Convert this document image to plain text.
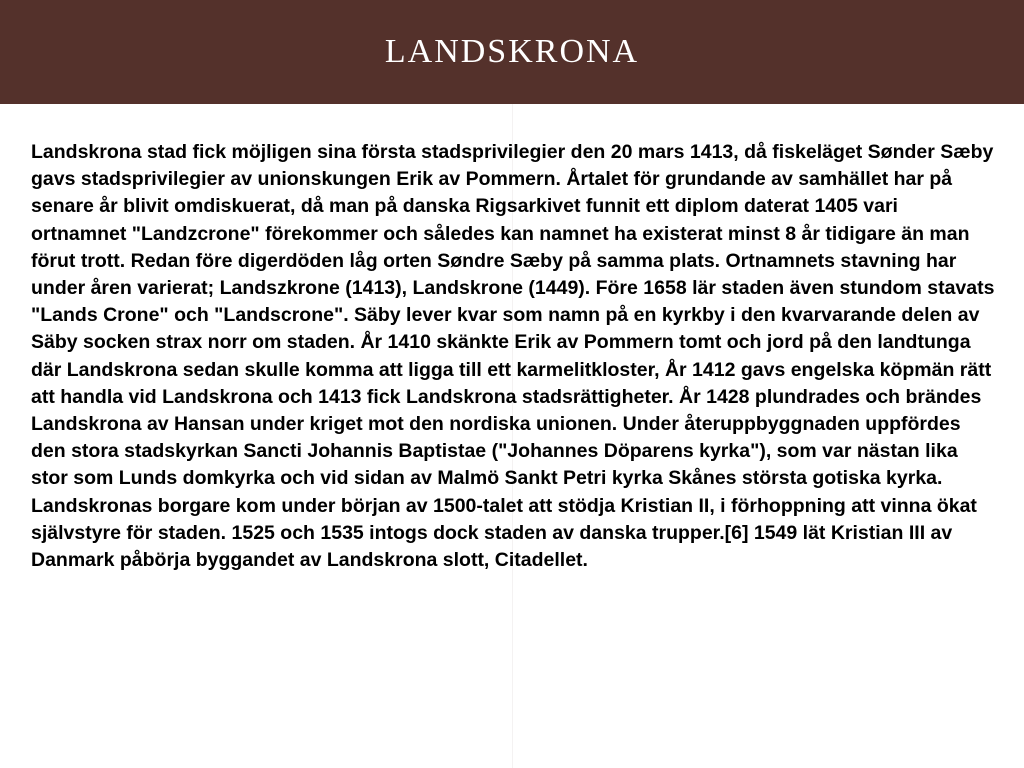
LANDSKRONA

Landskrona stad fick möjligen sina första stadsprivilegier den 20 mars 1413, då fiskeläget Sønder Sæby gavs stadsprivilegier av unionskungen Erik av Pommern. Årtalet för grundande av samhället har på senare år blivit omdiskuerat, då man på danska Rigsarkivet funnit ett diplom daterat 1405 vari ortnamnet "Landzcrone" förekommer och således kan namnet ha existerat minst 8 år tidigare än man förut trott. Redan före digerdöden låg orten Søndre Sæby på samma plats. Ortnamnets stavning har under åren varierat; Landszkrone (1413), Landskrone (1449). Före 1658 lär staden även stundom stavats "Lands Crone" och "Landscrone". Säby lever kvar som namn på en kyrkby i den kvarvarande delen av Säby socken strax norr om staden. År 1410 skänkte Erik av Pommern tomt och jord på den landtunga där Landskrona sedan skulle komma att ligga till ett karmelitkloster, År 1412 gavs engelska köpmän rätt att handla vid Landskrona och 1413 fick Landskrona stadsrättigheter. År 1428 plundrades och brändes Landskrona av Hansan under kriget mot den nordiska unionen. Under återuppbyggnaden uppfördes den stora stadskyrkan Sancti Johannis Baptistae ("Johannes Döparens kyrka"), som var nästan lika stor som Lunds domkyrka och vid sidan av Malmö Sankt Petri kyrka Skånes största gotiska kyrka. Landskronas borgare kom under början av 1500-talet att stödja Kristian II, i förhoppning att vinna ökat självstyre för staden. 1525 och 1535 intogs dock staden av danska trupper.[6] 1549 lät Kristian III av Danmark påbörja byggandet av Landskrona slott, Citadellet.
